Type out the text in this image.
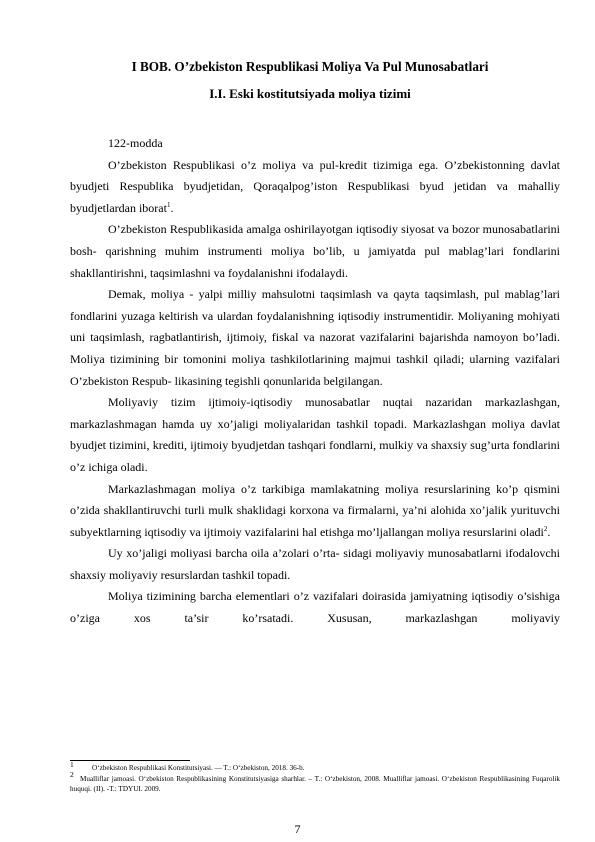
I BOB. O’zbekiston Respublikasi Moliya Va Pul Munosabatlari
I.I. Eski kostitutsiyada moliya tizimi

122-modda

O’zbekiston Respublikasi o’z moliya va pul-kredit tizimiga ega. O’zbekistonning davlat byudjeti Respublika byudjetidan, Qoraqalpog’iston Respublikasi byud jetidan va mahalliy byudjetlardan iborat$^1$.

O’zbekiston Respublikasida amalga oshirilayotgan iqtisodiy siyosat va bozor munosabatlarini bosh- qarishning muhim instrumenti moliya bo’lib, u jamiyatda pul mablag’lari fondlarini shakllantirishni, taqsimlashni va foydalanishni ifodalaydi.

Demak, moliya - yalpi milliy mahsulotni taqsimlash va qayta taqsimlash, pul mablag’lari fondlarini yuzaga keltirish va ulardan foydalanishning iqtisodiy instrumentidir. Moliyaning mohiyati uni taqsimlash, ragbatlantirish, ijtimoiy, fiskal va nazorat vazifalarini bajarishda namoyon bo’ladi. Moliya tizimining bir tomonini moliya tashkilotlarining majmui tashkil qiladi; ularning vazifalari O’zbekiston Respub- likasining tegishli qonunlarida belgilangan.

Moliyaviy tizim ijtimoiy-iqtisodiy munosabatlar nuqtai nazaridan markazlashgan, markazlashmagan hamda uy xo’jaligi moliyalaridan tashkil topadi. Markazlashgan moliya davlat byudjet tizimini, krediti, ijtimoiy byudjetdan tashqari fondlarni, mulkiy va shaxsiy sug’urta fondlarini o’z ichiga oladi.

Markazlashmagan moliya o’z tarkibiga mamlakatning moliya resurslarining ko’p qismini o’zida shakllantiruvchi turli mulk shaklidagi korxona va firmalarni, ya’ni alohida xo’jalik yurituvchi subyektlarning iqtisodiy va ijtimoiy vazifalarini hal etishga mo’ljallangan moliya resurslarini oladi$^2$.

Uy xo’jaligi moliyasi barcha oila a’zolari o’rta- sidagi moliyaviy munosabatlarni ifodalovchi shaxsiy moliyaviy resurslardan tashkil topadi.

Moliya tizimining barcha elementlari o’z vazifalari doirasida jamiyatning iqtisodiy o’sishiga o’ziga xos ta’sir ko’rsatadi. Xususan, markazlashgan moliyaviy

1	O‘zbekiston Respublikasi Konstitutsiyasi. — T.: O‘zbekiston, 2018. 36-b.

2 Mualliflar jamoasi. O‘zbekiston Respublikasining Konstitutsiyasiga sharhlar. – T.: O‘zbekiston, 2008. Mualliflar jamoasi. O‘zbekiston Respublikasining Fuqarolik huquqi. (II). -T.: TDYUI. 2009.

7
